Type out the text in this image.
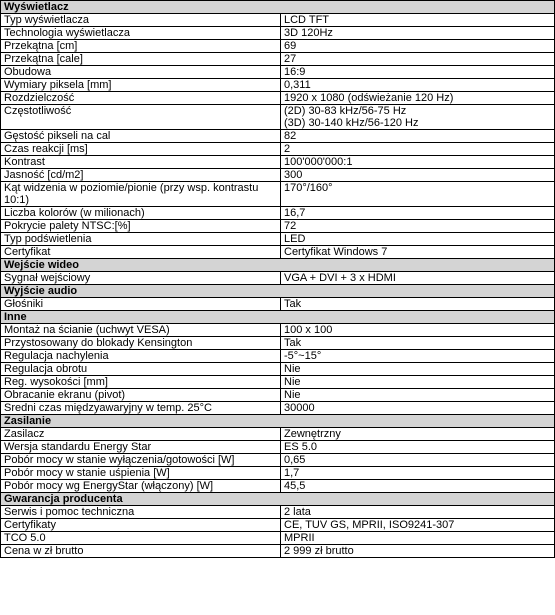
Wyświetlacz	
Typ wyświetlacza	LCD TFT
Technologia wyświetlacza	3D 120Hz
Przekątna [cm]	69
Przekątna [cale]	27
Obudowa	16:9
Wymiary piksela [mm]	0,311
Rozdzielczość	1920 x 1080 (odświeżanie 120 Hz)
Częstotliwość	(2D) 30-83 kHz/56-75 Hz
(3D) 30-140 kHz/56-120 Hz
Gęstość pikseli na cal	82
Czas reakcji [ms]	2
Kontrast	100'000'000:1
Jasność [cd/m2]	300
Kąt widzenia w poziomie/pionie (przy wsp. kontrastu 10:1)	170°/160°
Liczba kolorów (w milionach)	16,7
Pokrycie palety NTSC:[%]	72
Typ podświetlenia	LED
Certyfikat	Certyfikat Windows 7
Wejście wideo	
Sygnał wejściowy	VGA + DVI + 3 x HDMI
Wyjście audio	
Głośniki	Tak
Inne	
Montaż na ścianie (uchwyt VESA)	100 x 100
Przystosowany do blokady Kensington	Tak
Regulacja nachylenia	-5°~15°
Regulacja obrotu	Nie
Reg. wysokości [mm]	Nie
Obracanie ekranu (pivot)	Nie
Sredni czas międzyawaryjny w temp. 25°C	30000
Zasilanie	
Zasilacz	Zewnętrzny
Wersja standardu Energy Star	ES 5.0
Pobór mocy w stanie wyłączenia/gotowości [W]	0,65
Pobór mocy w stanie uśpienia [W]	1,7
Pobór mocy wg EnergyStar (włączony) [W]	45,5
Gwarancja producenta	
Serwis i pomoc techniczna	2 lata
Certyfikaty	CE, TUV GS, MPRII, ISO9241-307
TCO 5.0	MPRII
Cena w zł brutto	2 999 zł brutto
